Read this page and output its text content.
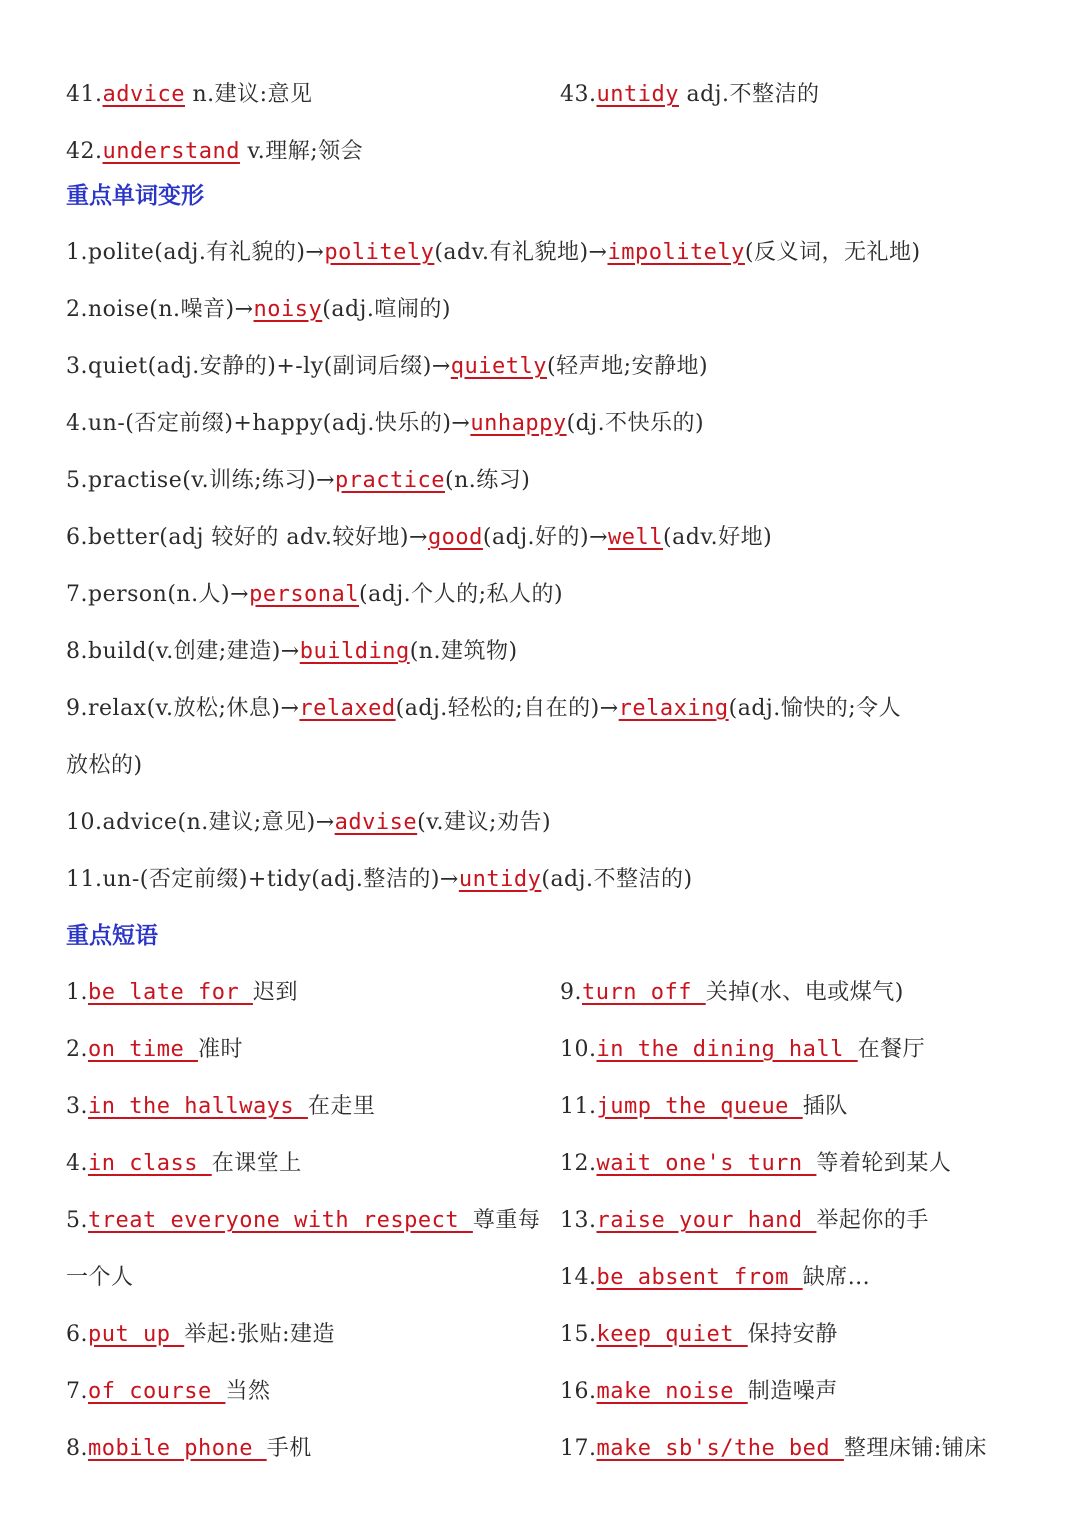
41.advice n.建议:意见	43.untidy adj.不整洁的
42.understand v.理解;领会
重点单词变形
1.polite(adj.有礼貌的)→politely(adv.有礼貌地)→impolitely(反义词，无礼地)
2.noise(n.噪音)→noisy(adj.喧闹的)
3.quiet(adj.安静的)+-ly(副词后缀)→quietly(轻声地;安静地)
4.un-(否定前缀)+happy(adj.快乐的)→unhappy(dj.不快乐的)
5.practise(v.训练;练习)→practice(n.练习)
6.better(adj 较好的 adv.较好地)→good(adj.好的)→well(adv.好地)
7.person(n.人)→personal(adj.个人的;私人的)
8.build(v.创建;建造)→building(n.建筑物)
9.relax(v.放松;休息)→relaxed(adj.轻松的;自在的)→relaxing(adj.愉快的;令人
放松的)
10.advice(n.建议;意见)→advise(v.建议;劝告)
11.un-(否定前缀)+tidy(adj.整洁的)→untidy(adj.不整洁的)
重点短语
1.be late for 迟到
2.on time 准时
3.in the hallways 在走里
4.in class 在课堂上
5.treat everyone with respect 尊重每
一个人
6.put up 举起:张贴:建造
7.of course 当然
8.mobile phone 手机
9.turn off 关掉(水、电或煤气)
10.in the dining hall 在餐厅
11.jump the queue 插队
12.wait one's turn 等着轮到某人
13.raise your hand 举起你的手
14.be absent from 缺席...
15.keep quiet 保持安静
16.make noise 制造噪声
17.make sb's/the bed 整理床铺:铺床
